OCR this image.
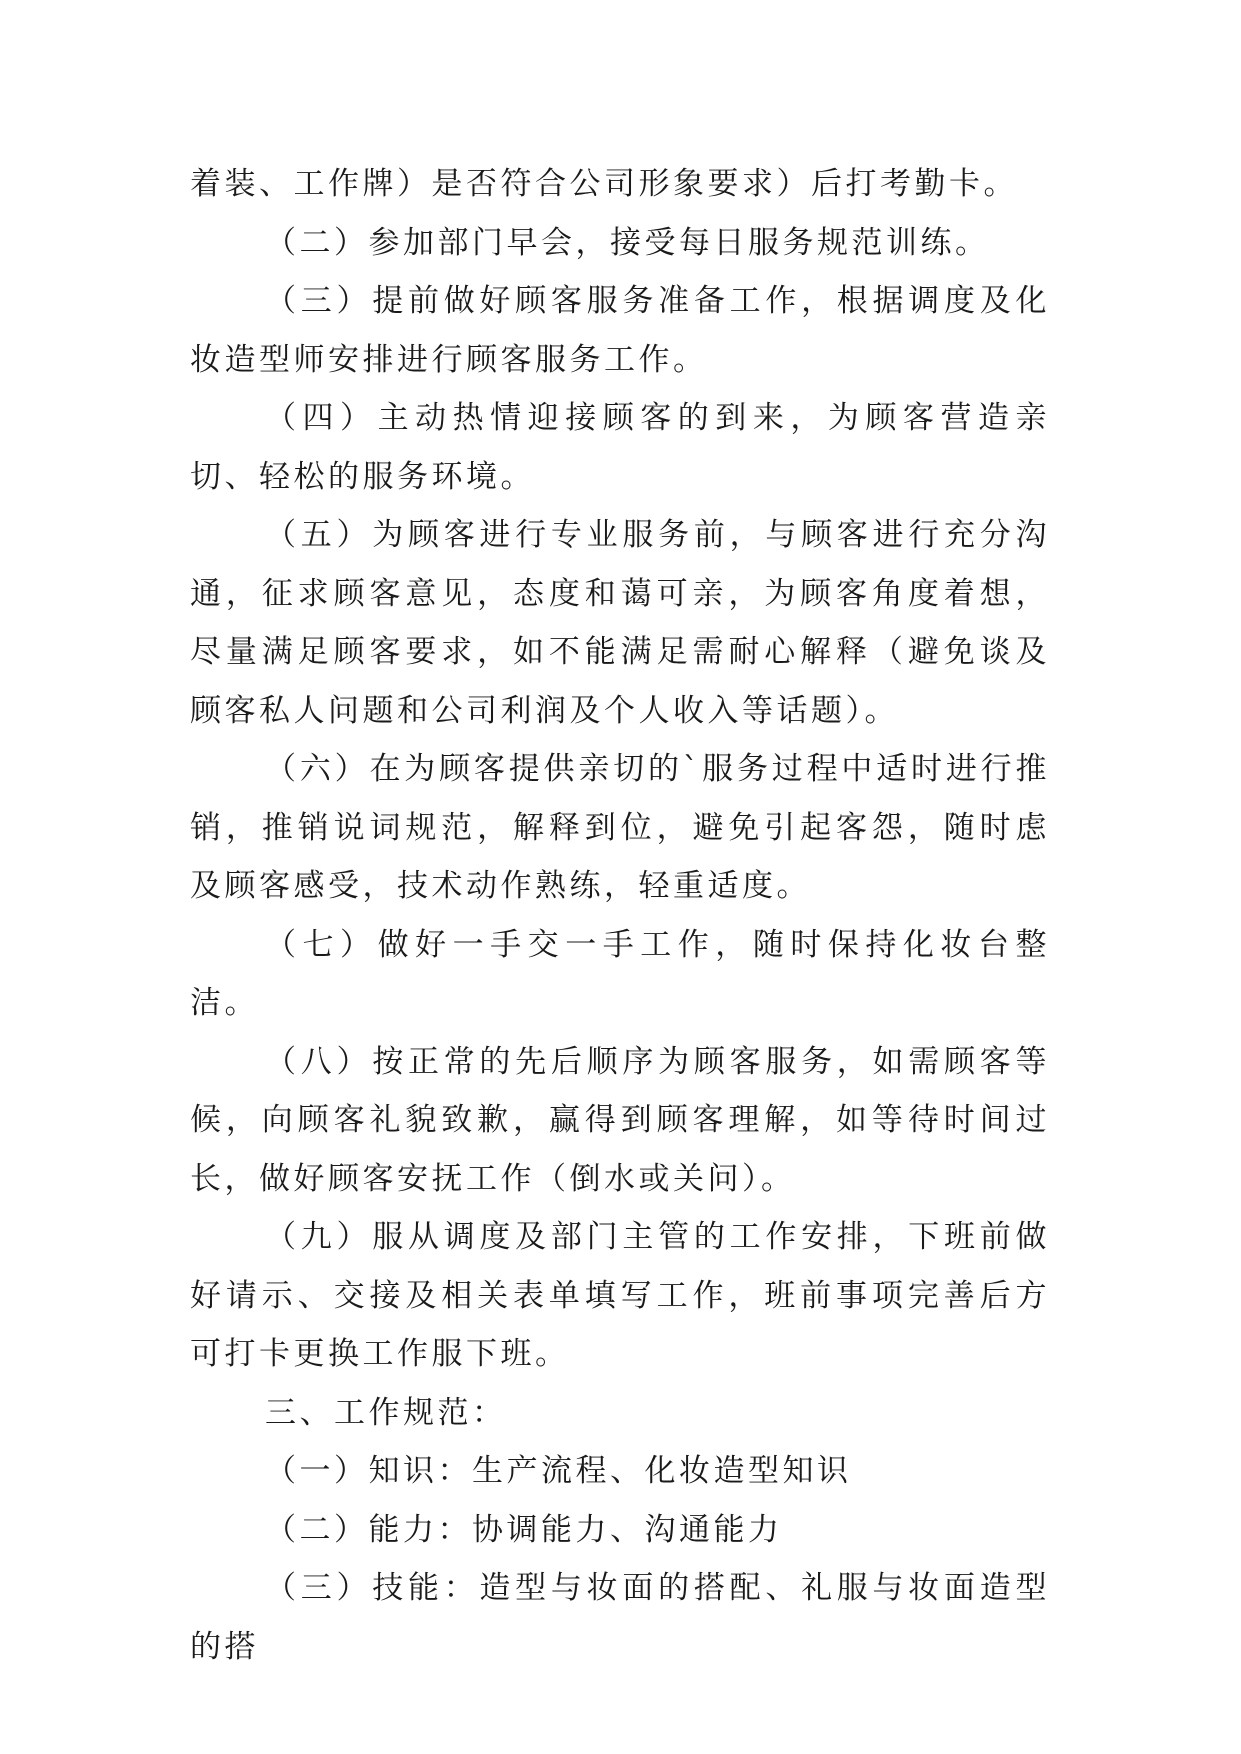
着装、工作牌）是否符合公司形象要求）后打考勤卡。

（二）参加部门早会，接受每日服务规范训练。

（三）提前做好顾客服务准备工作，根据调度及化妆造型师安排进行顾客服务工作。

（四）主动热情迎接顾客的到来，为顾客营造亲切、轻松的服务环境。

（五）为顾客进行专业服务前，与顾客进行充分沟通，征求顾客意见，态度和蔼可亲，为顾客角度着想，尽量满足顾客要求，如不能满足需耐心解释（避免谈及顾客私人问题和公司利润及个人收入等话题）。

（六）在为顾客提供亲切的`服务过程中适时进行推销，推销说词规范，解释到位，避免引起客怨，随时虑及顾客感受，技术动作熟练，轻重适度。

（七）做好一手交一手工作，随时保持化妆台整洁。

（八）按正常的先后顺序为顾客服务，如需顾客等候，向顾客礼貌致歉，赢得到顾客理解，如等待时间过长，做好顾客安抚工作（倒水或关问）。

（九）服从调度及部门主管的工作安排，下班前做好请示、交接及相关表单填写工作，班前事项完善后方可打卡更换工作服下班。

三、工作规范：

（一）知识：生产流程、化妆造型知识

（二）能力：协调能力、沟通能力

（三）技能：造型与妆面的搭配、礼服与妆面造型的搭
